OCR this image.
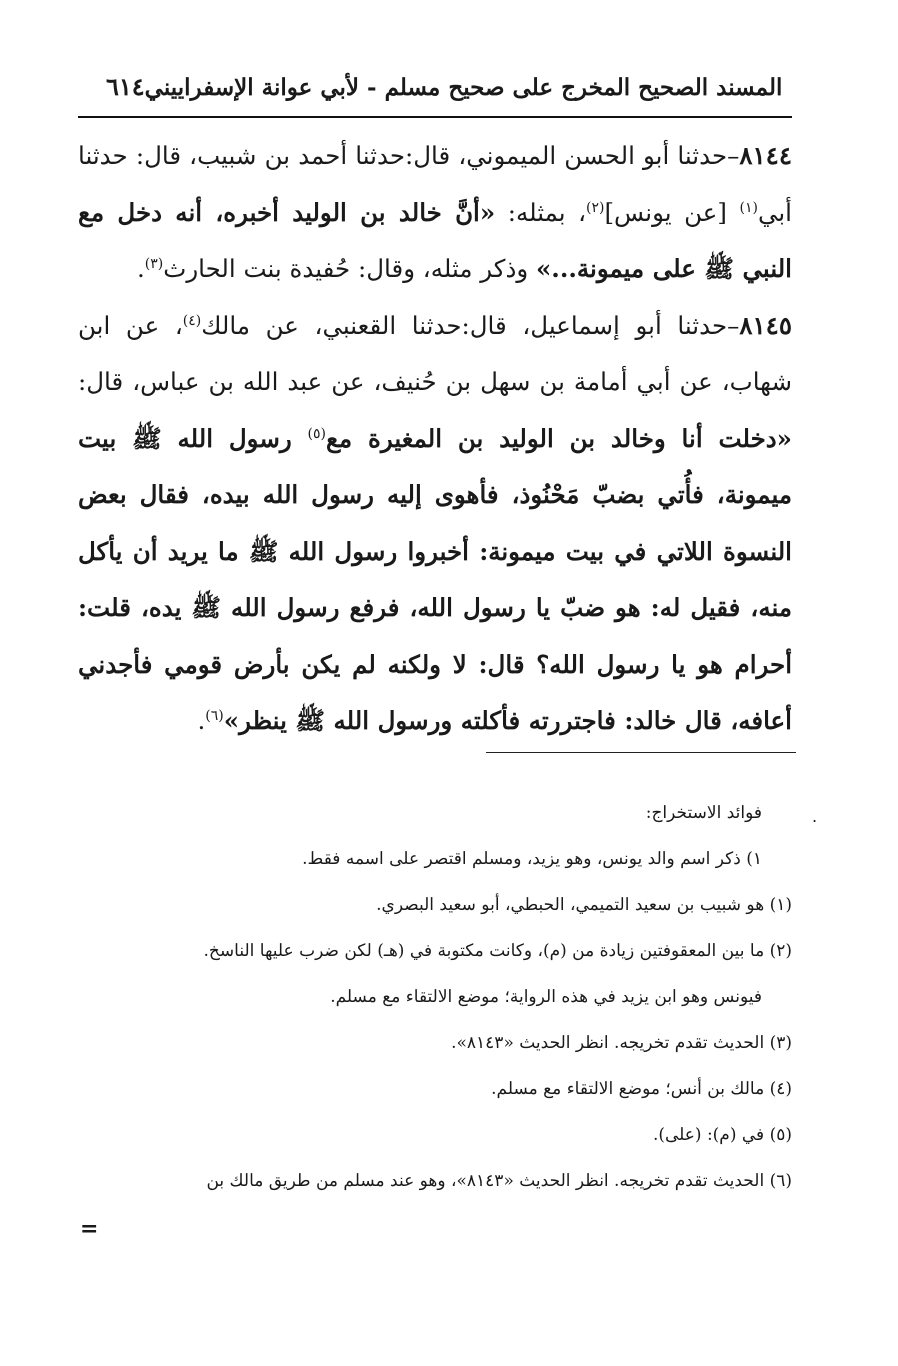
٦١٤ المسند الصحيح المخرج على صحيح مسلم - لأبي عوانة الإسفراييني

٨١٤٤–حدثنا أبو الحسن الميموني، قال:حدثنا أحمد بن شبيب، قال: حدثنا أبي$^{(١)}$ [عن يونس]$^{(٢)}$، بمثله: «أنَّ خالد بن الوليد أخبره، أنه دخل مع النبي ﷺ على ميمونة...» وذكر مثله، وقال: حُفيدة بنت الحارث$^{(٣)}$.

٨١٤٥–حدثنا أبو إسماعيل، قال:حدثنا القعنبي، عن مالك$^{(٤)}$، عن ابن شهاب، عن أبي أمامة بن سهل بن حُنيف، عن عبد الله بن عباس، قال: «دخلت أنا وخالد بن الوليد بن المغيرة مع$^{(٥)}$ رسول الله ﷺ بيت ميمونة، فأُتي بضبّ مَحْنُوذ، فأهوى إليه رسول الله بيده، فقال بعض النسوة اللاتي في بيت ميمونة: أخبروا رسول الله ﷺ ما يريد أن يأكل منه، فقيل له: هو ضبّ يا رسول الله، فرفع رسول الله ﷺ يده، قلت: أحرام هو يا رسول الله؟ قال: لا ولكنه لم يكن بأرض قومي فأجدني أعافه، قال خالد: فاجتررته فأكلته ورسول الله ﷺ ينظر»$^{(٦)}$.

.

فوائد الاستخراج:

١) ذكر اسم والد يونس، وهو يزيد، ومسلم اقتصر على اسمه فقط.

(١) هو شبيب بن سعيد التميمي، الحبطي، أبو سعيد البصري.

(٢) ما بين المعقوفتين زيادة من (م)، وكانت مكتوبة في (هـ) لكن ضرب عليها الناسخ.

فيونس وهو ابن يزيد في هذه الرواية؛ موضع الالتقاء مع مسلم.

(٣) الحديث تقدم تخريجه. انظر الحديث «٨١٤٣».

(٤) مالك بن أنس؛ موضع الالتقاء مع مسلم.

(٥) في (م): (على).

(٦) الحديث تقدم تخريجه. انظر الحديث «٨١٤٣»، وهو عند مسلم من طريق مالك بن

=
